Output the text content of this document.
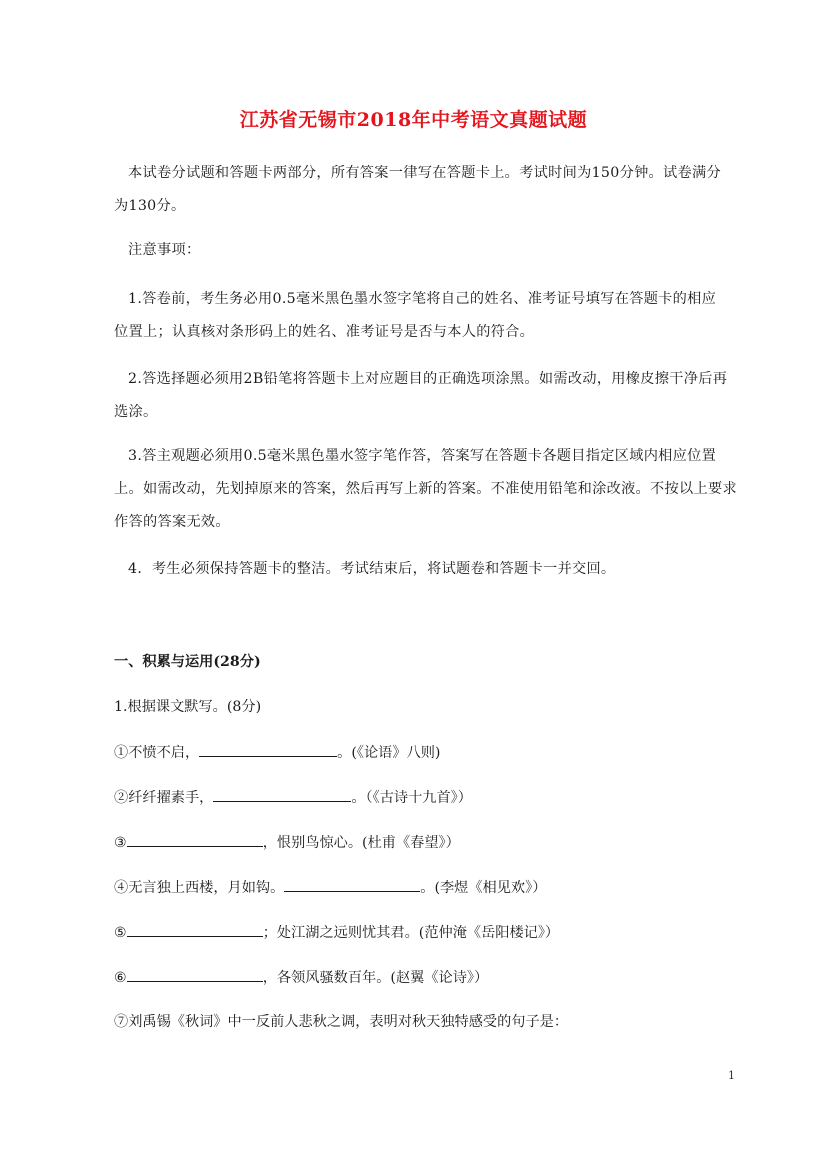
江苏省无锡市2018年中考语文真题试题
本试卷分试题和答题卡两部分，所有答案一律写在答题卡上。考试时间为150分钟。试卷满分
为130分。
注意事项：
1.答卷前，考生务必用0.5毫米黑色墨水签字笔将自己的姓名、准考证号填写在答题卡的相应
位置上；认真核对条形码上的姓名、准考证号是否与本人的符合。
2.答选择题必须用2B铅笔将答题卡上对应题目的正确选项涂黑。如需改动，用橡皮擦干净后再
选涂。
3.答主观题必须用0.5毫米黑色墨水签字笔作答，答案写在答题卡各题目指定区域内相应位置
上。如需改动，先划掉原来的答案，然后再写上新的答案。不准使用铅笔和涂改液。不按以上要求
作答的答案无效。
4．考生必须保持答题卡的整洁。考试结束后，将试题卷和答题卡一并交回。
一、积累与运用(28分)
1.根据课文默写。(8分)
①不愤不启，	。(《论语》八则)
②纤纤擢素手，	。（《古诗十九首》）
③	，恨别鸟惊心。(杜甫《春望》）
④无言独上西楼，月如钩。	。(李煜《相见欢》）
⑤	；处江湖之远则忧其君。(范仲淹《岳阳楼记》）
⑥	，各领风骚数百年。(赵翼《论诗》）
⑦刘禹锡《秋词》中一反前人悲秋之调，表明对秋天独特感受的句子是：
1
